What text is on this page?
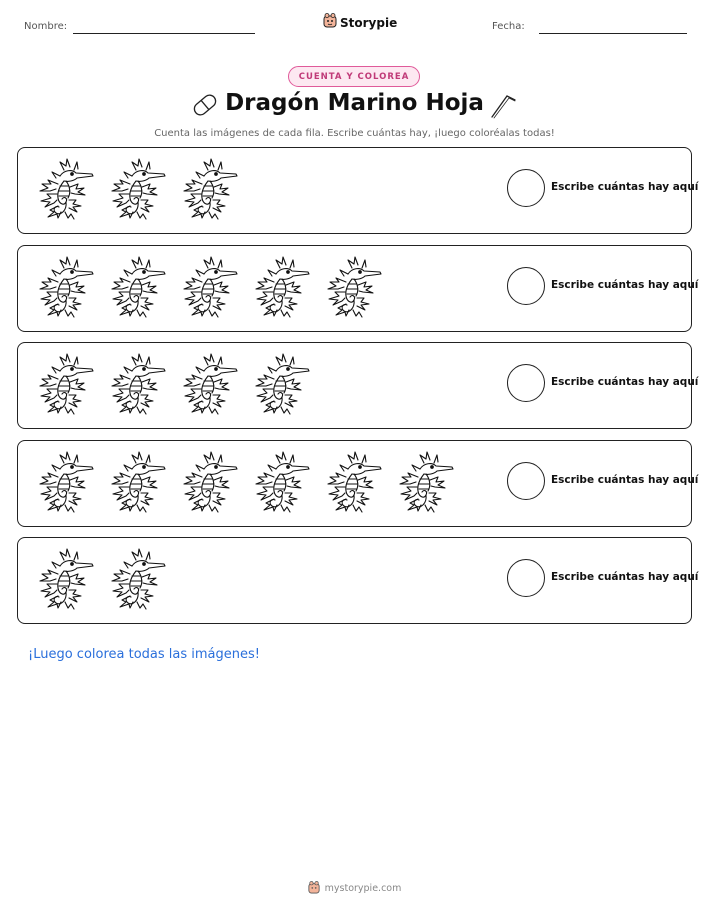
Nombre:	Storypie	Fecha:
CUENTA Y COLOREA
Dragón Marino Hoja
Cuenta las imágenes de cada fila. Escribe cuántas hay, ¡luego coloréalas todas!
Escribe cuántas hay aquí
Escribe cuántas hay aquí
Escribe cuántas hay aquí
Escribe cuántas hay aquí
Escribe cuántas hay aquí
¡Luego colorea todas las imágenes!
mystorypie.com
